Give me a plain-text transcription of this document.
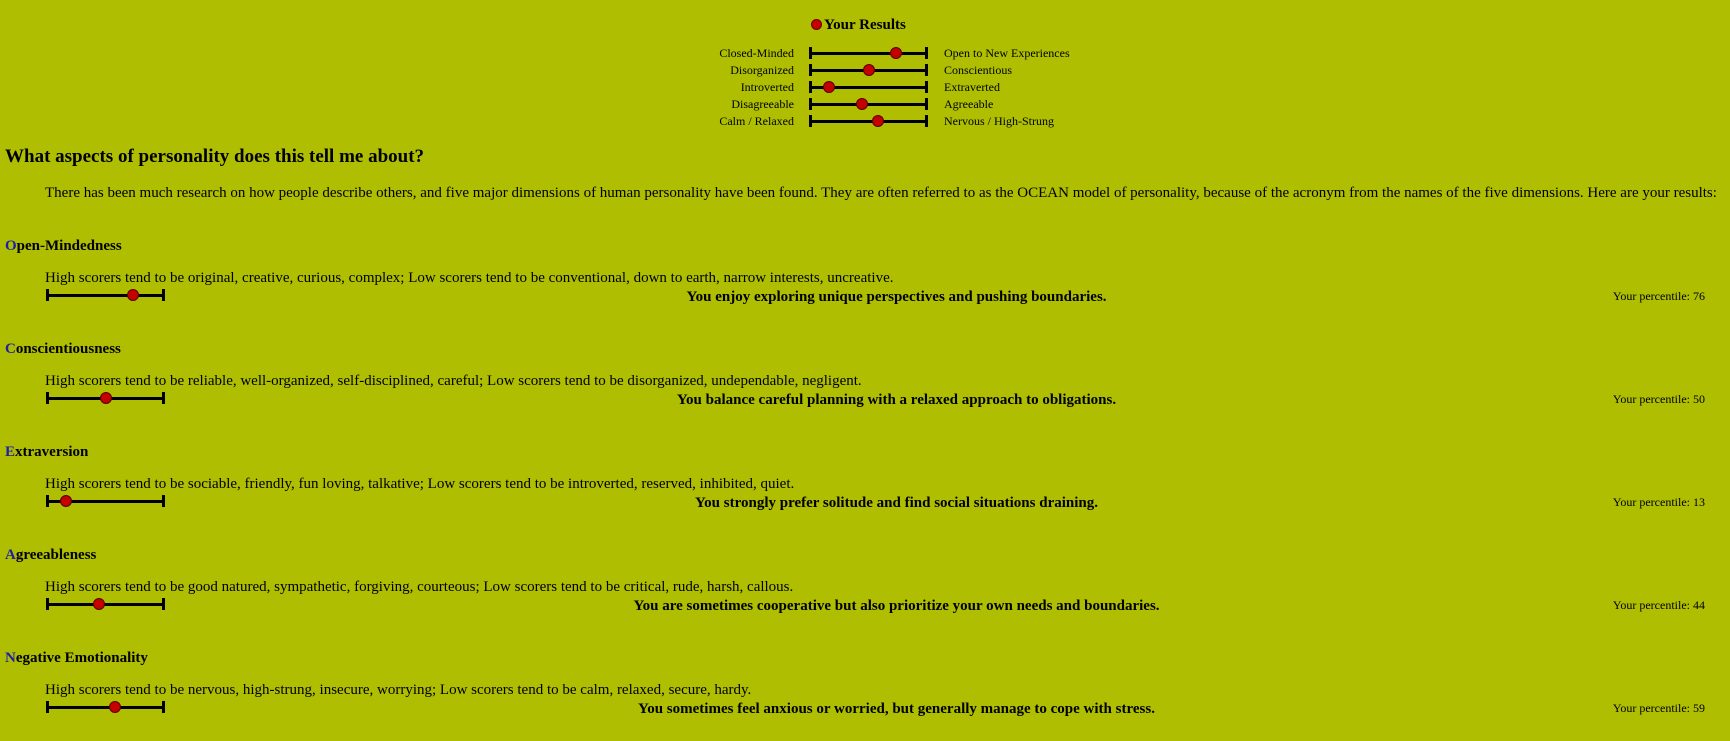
Your Results
Closed-Minded	Open to New Experiences
Disorganized	Conscientious
Introverted	Extraverted
Disagreeable	Agreeable
Calm / Relaxed	Nervous / High-Strung
What aspects of personality does this tell me about?

There has been much research on how people describe others, and five major dimensions of human personality have been found. They are often referred to as the OCEAN model of personality, because of the acronym from the names of the five dimensions. Here are your results:

Open-Mindedness

High scorers tend to be original, creative, curious, complex; Low scorers tend to be conventional, down to earth, narrow interests, uncreative.

You enjoy exploring unique perspectives and pushing boundaries.	Your percentile: 76
Conscientiousness

High scorers tend to be reliable, well-organized, self-disciplined, careful; Low scorers tend to be disorganized, undependable, negligent.

You balance careful planning with a relaxed approach to obligations.	Your percentile: 50
Extraversion

High scorers tend to be sociable, friendly, fun loving, talkative; Low scorers tend to be introverted, reserved, inhibited, quiet.

You strongly prefer solitude and find social situations draining.	Your percentile: 13
Agreeableness

High scorers tend to be good natured, sympathetic, forgiving, courteous; Low scorers tend to be critical, rude, harsh, callous.

You are sometimes cooperative but also prioritize your own needs and boundaries.	Your percentile: 44
Negative Emotionality

High scorers tend to be nervous, high-strung, insecure, worrying; Low scorers tend to be calm, relaxed, secure, hardy.

You sometimes feel anxious or worried, but generally manage to cope with stress.	Your percentile: 59
